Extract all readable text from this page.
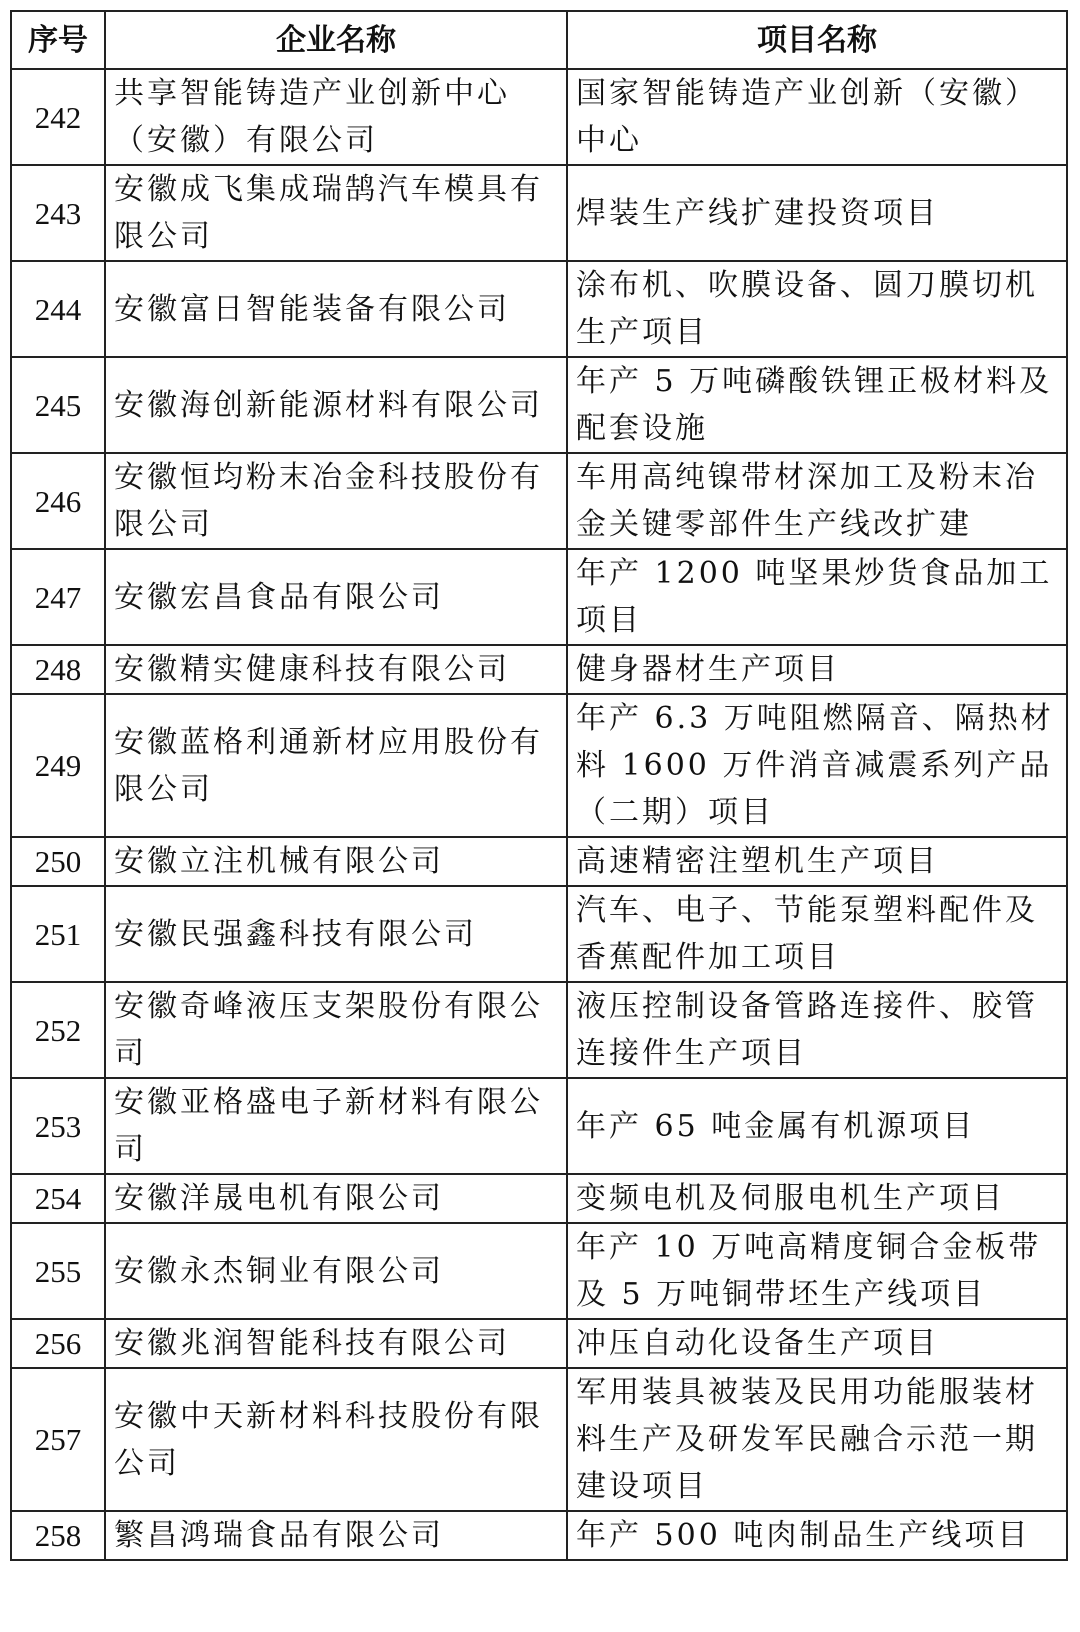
序号	企业名称	项目名称
242	共享智能铸造产业创新中心（安徽）有限公司	国家智能铸造产业创新（安徽）中心
243	安徽成飞集成瑞鹄汽车模具有限公司	焊装生产线扩建投资项目
244	安徽富日智能装备有限公司	涂布机、吹膜设备、圆刀膜切机生产项目
245	安徽海创新能源材料有限公司	年产 5 万吨磷酸铁锂正极材料及配套设施
246	安徽恒均粉末冶金科技股份有限公司	车用高纯镍带材深加工及粉末冶金关键零部件生产线改扩建
247	安徽宏昌食品有限公司	年产 1200 吨坚果炒货食品加工项目
248	安徽精实健康科技有限公司	健身器材生产项目
249	安徽蓝格利通新材应用股份有限公司	年产 6.3 万吨阻燃隔音、隔热材料 1600 万件消音减震系列产品（二期）项目
250	安徽立注机械有限公司	高速精密注塑机生产项目
251	安徽民强鑫科技有限公司	汽车、电子、节能泵塑料配件及香蕉配件加工项目
252	安徽奇峰液压支架股份有限公司	液压控制设备管路连接件、胶管连接件生产项目
253	安徽亚格盛电子新材料有限公司	年产 65 吨金属有机源项目
254	安徽洋晟电机有限公司	变频电机及伺服电机生产项目
255	安徽永杰铜业有限公司	年产 10 万吨高精度铜合金板带及 5 万吨铜带坯生产线项目
256	安徽兆润智能科技有限公司	冲压自动化设备生产项目
257	安徽中天新材料科技股份有限公司	军用装具被装及民用功能服装材料生产及研发军民融合示范一期建设项目
258	繁昌鸿瑞食品有限公司	年产 500 吨肉制品生产线项目
